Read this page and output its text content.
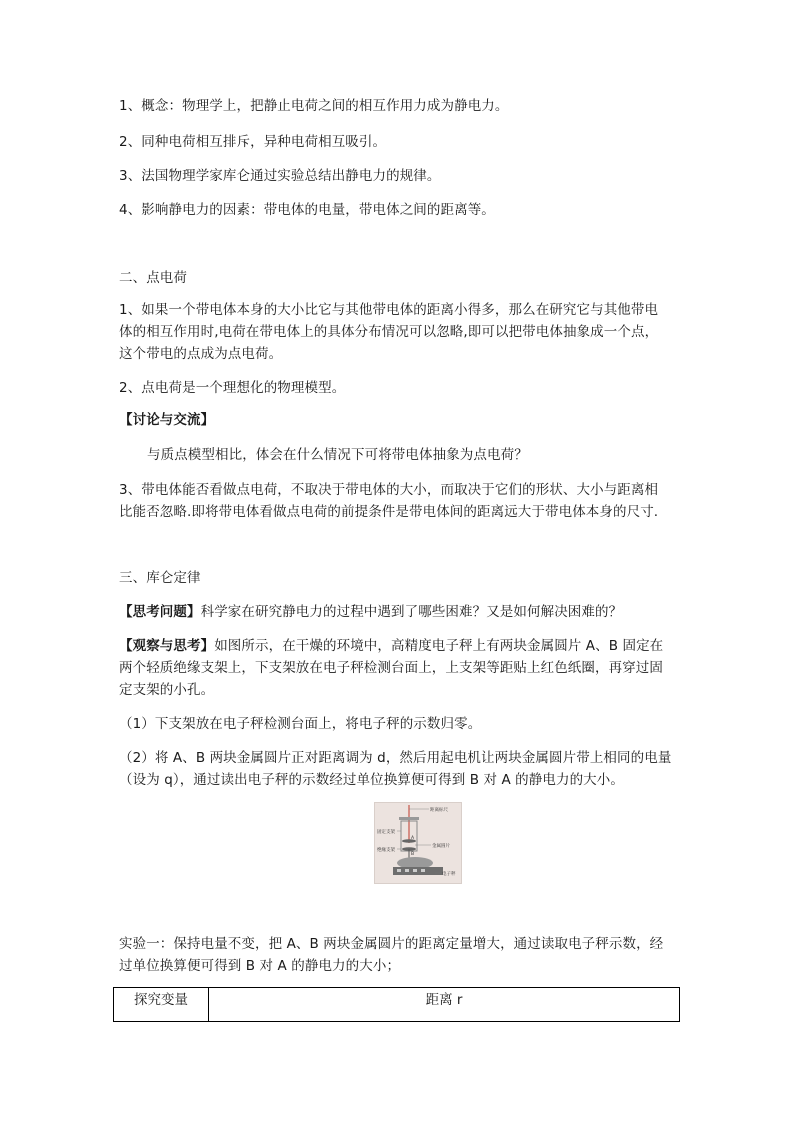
1、概念：物理学上，把静止电荷之间的相互作用力成为静电力。
2、同种电荷相互排斥，异种电荷相互吸引。
3、法国物理学家库仑通过实验总结出静电力的规律。
4、影响静电力的因素：带电体的电量，带电体之间的距离等。
二、点电荷
1、如果一个带电体本身的大小比它与其他带电体的距离小得多，那么在研究它与其他带电
体的相互作用时,电荷在带电体上的具体分布情况可以忽略,即可以把带电体抽象成一个点，
这个带电的点成为点电荷。
2、点电荷是一个理想化的物理模型。
【讨论与交流】
与质点模型相比，体会在什么情况下可将带电体抽象为点电荷？
3、带电体能否看做点电荷，不取决于带电体的大小，而取决于它们的形状、大小与距离相
比能否忽略.即将带电体看做点电荷的前提条件是带电体间的距离远大于带电体本身的尺寸.
三、库仑定律
【思考问题】科学家在研究静电力的过程中遇到了哪些困难？又是如何解决困难的？
【观察与思考】如图所示，在干燥的环境中，高精度电子秤上有两块金属圆片 A、B 固定在
两个轻质绝缘支架上，下支架放在电子秤检测台面上，上支架等距贴上红色纸圈，再穿过固
定支架的小孔。
（1）下支架放在电子秤检测台面上，将电子秤的示数归零。
（2）将 A、B 两块金属圆片正对距离调为 d，然后用起电机让两块金属圆片带上相同的电量
（设为 q），通过读出电子秤的示数经过单位换算便可得到 B 对 A 的静电力的大小。
距离标尺
固定支架
绝缘支架
金属圆片
电子秤
A
B
实验一：保持电量不变，把 A、B 两块金属圆片的距离定量增大，通过读取电子秤示数，经
过单位换算便可得到 B 对 A 的静电力的大小；
探究变量	距离 r
